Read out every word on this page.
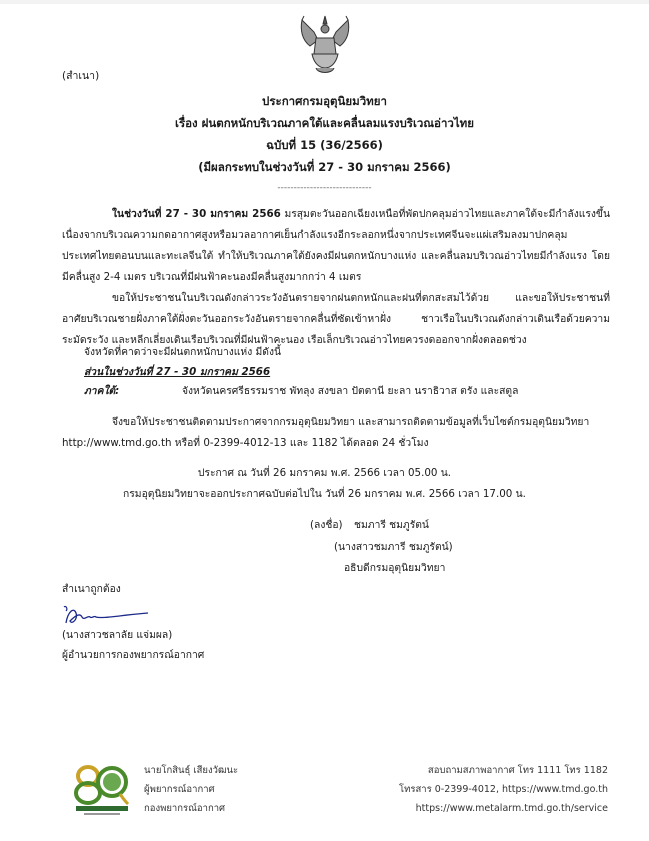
(สำเนา)
ประกาศกรมอุตุนิยมวิทยา
เรื่อง ฝนตกหนักบริเวณภาคใต้และคลื่นลมแรงบริเวณอ่าวไทย
ฉบับที่ 15 (36/2566)
(มีผลกระทบในช่วงวันที่ 27 - 30 มกราคม 2566)
-----------------------------
ในช่วงวันที่ 27 - 30 มกราคม 2566 มรสุมตะวันออกเฉียงเหนือที่พัดปกคลุมอ่าวไทยและภาคใต้จะมีกำลังแรงขึ้น เนื่องจากบริเวณความกดอากาศสูงหรือมวลอากาศเย็นกำลังแรงอีกระลอกหนึ่งจากประเทศจีนจะแผ่เสริมลงมาปกคลุมประเทศไทยตอนบนและทะเลจีนใต้ ทำให้บริเวณภาคใต้ยังคงมีฝนตกหนักบางแห่ง และคลื่นลมบริเวณอ่าวไทยมีกำลังแรง โดยมีคลื่นสูง 2-4 เมตร บริเวณที่มีฝนฟ้าคะนองมีคลื่นสูงมากกว่า 4 เมตร
ขอให้ประชาชนในบริเวณดังกล่าวระวังอันตรายจากฝนตกหนักและฝนที่ตกสะสมไว้ด้วย และขอให้ประชาชนที่อาศัยบริเวณชายฝั่งภาคใต้ฝั่งตะวันออกระวังอันตรายจากคลื่นที่ซัดเข้าหาฝั่ง ชาวเรือในบริเวณดังกล่าวเดินเรือด้วยความระมัดระวัง และหลีกเลี่ยงเดินเรือบริเวณที่มีฝนฟ้าคะนอง เรือเล็กบริเวณอ่าวไทยควรงดออกจากฝั่งตลอดช่วง
จังหวัดที่คาดว่าจะมีฝนตกหนักบางแห่ง มีดังนี้
ส่วนในช่วงวันที่ 27 - 30 มกราคม 2566
ภาคใต้:	จังหวัดนครศรีธรรมราช พัทลุง สงขลา ปัตตานี ยะลา นราธิวาส ตรัง และสตูล
จึงขอให้ประชาชนติดตามประกาศจากกรมอุตุนิยมวิทยา และสามารถติดตามข้อมูลที่เว็บไซต์กรมอุตุนิยมวิทยา
http://www.tmd.go.th หรือที่ 0-2399-4012-13 และ 1182 ได้ตลอด 24 ชั่วโมง
ประกาศ ณ วันที่ 26 มกราคม พ.ศ. 2566 เวลา 05.00 น.
กรมอุตุนิยมวิทยาจะออกประกาศฉบับต่อไปใน วันที่ 26 มกราคม พ.ศ. 2566 เวลา 17.00 น.
(ลงชื่อ) ชมภารี ชมภูรัตน์
(นางสาวชมภารี ชมภูรัตน์)
อธิบดีกรมอุตุนิยมวิทยา
สำเนาถูกต้อง
(นางสาวชลาลัย แจ่มผล)
ผู้อำนวยการกองพยากรณ์อากาศ
นายโกสินธุ์ เสียงวัฒนะ
ผู้พยากรณ์อากาศ
กองพยากรณ์อากาศ
สอบถามสภาพอากาศ โทร 1111 โทร 1182
โทรสาร 0-2399-4012, https://www.tmd.go.th
https://www.metalarm.tmd.go.th/service
